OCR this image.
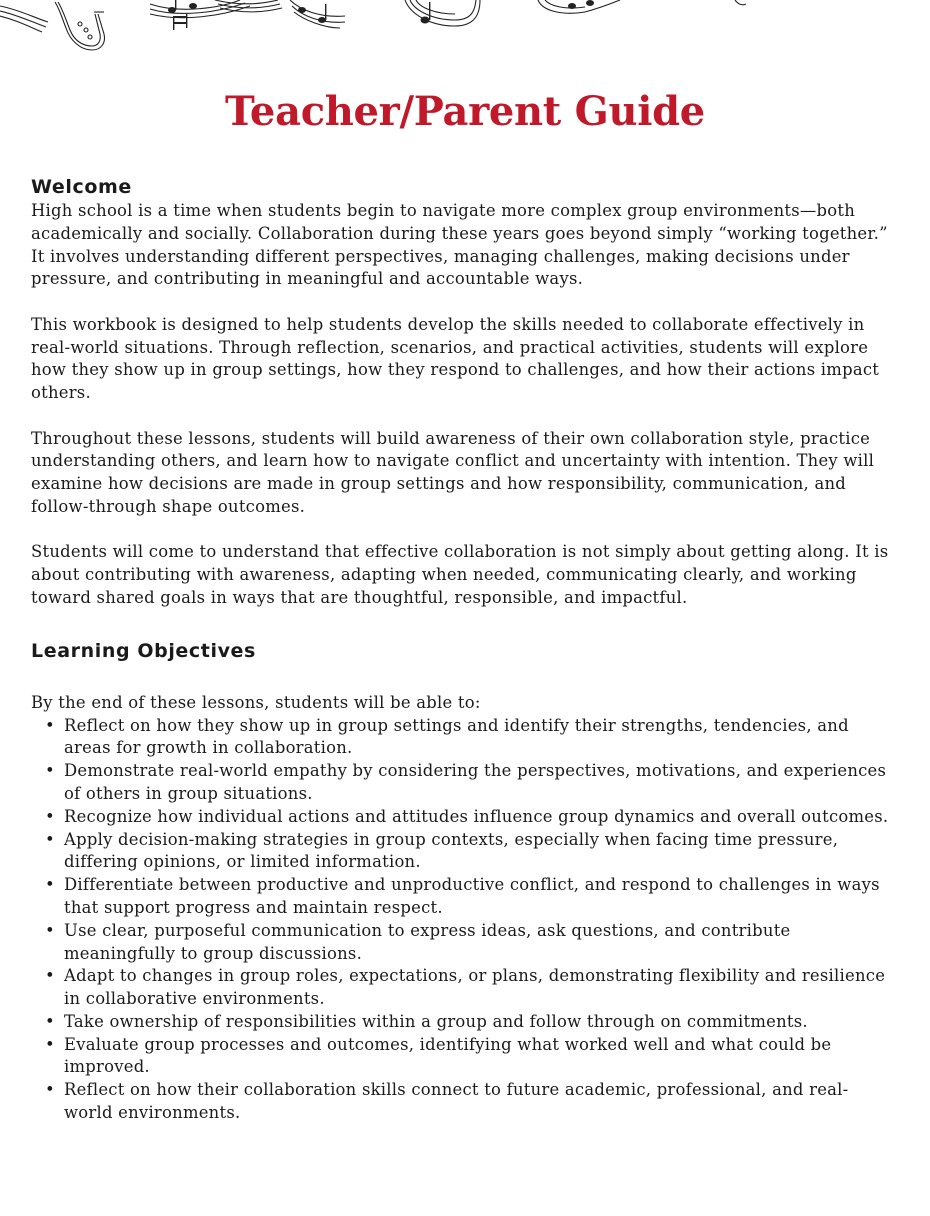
Teacher/Parent Guide
Welcome

High school is a time when students begin to navigate more complex group environments—both academically and socially. Collaboration during these years goes beyond simply “working together.” It involves understanding different perspectives, managing challenges, making decisions under pressure, and contributing in meaningful and accountable ways.

This workbook is designed to help students develop the skills needed to collaborate effectively in real-world situations. Through reflection, scenarios, and practical activities, students will explore how they show up in group settings, how they respond to challenges, and how their actions impact others.

Throughout these lessons, students will build awareness of their own collaboration style, practice understanding others, and learn how to navigate conflict and uncertainty with intention. They will examine how decisions are made in group settings and how responsibility, communication, and follow-through shape outcomes.

Students will come to understand that effective collaboration is not simply about getting along. It is about contributing with awareness, adapting when needed, communicating clearly, and working toward shared goals in ways that are thoughtful, responsible, and impactful.

Learning Objectives

By the end of these lessons, students will be able to:

• Reflect on how they show up in group settings and identify their strengths, tendencies, and areas for growth in collaboration.
• Demonstrate real-world empathy by considering the perspectives, motivations, and experiences of others in group situations.
• Recognize how individual actions and attitudes influence group dynamics and overall outcomes.
• Apply decision-making strategies in group contexts, especially when facing time pressure, differing opinions, or limited information.
• Differentiate between productive and unproductive conflict, and respond to challenges in ways that support progress and maintain respect.
• Use clear, purposeful communication to express ideas, ask questions, and contribute meaningfully to group discussions.
• Adapt to changes in group roles, expectations, or plans, demonstrating flexibility and resilience in collaborative environments.
• Take ownership of responsibilities within a group and follow through on commitments.
• Evaluate group processes and outcomes, identifying what worked well and what could be improved.
• Reflect on how their collaboration skills connect to future academic, professional, and real-world environments.
